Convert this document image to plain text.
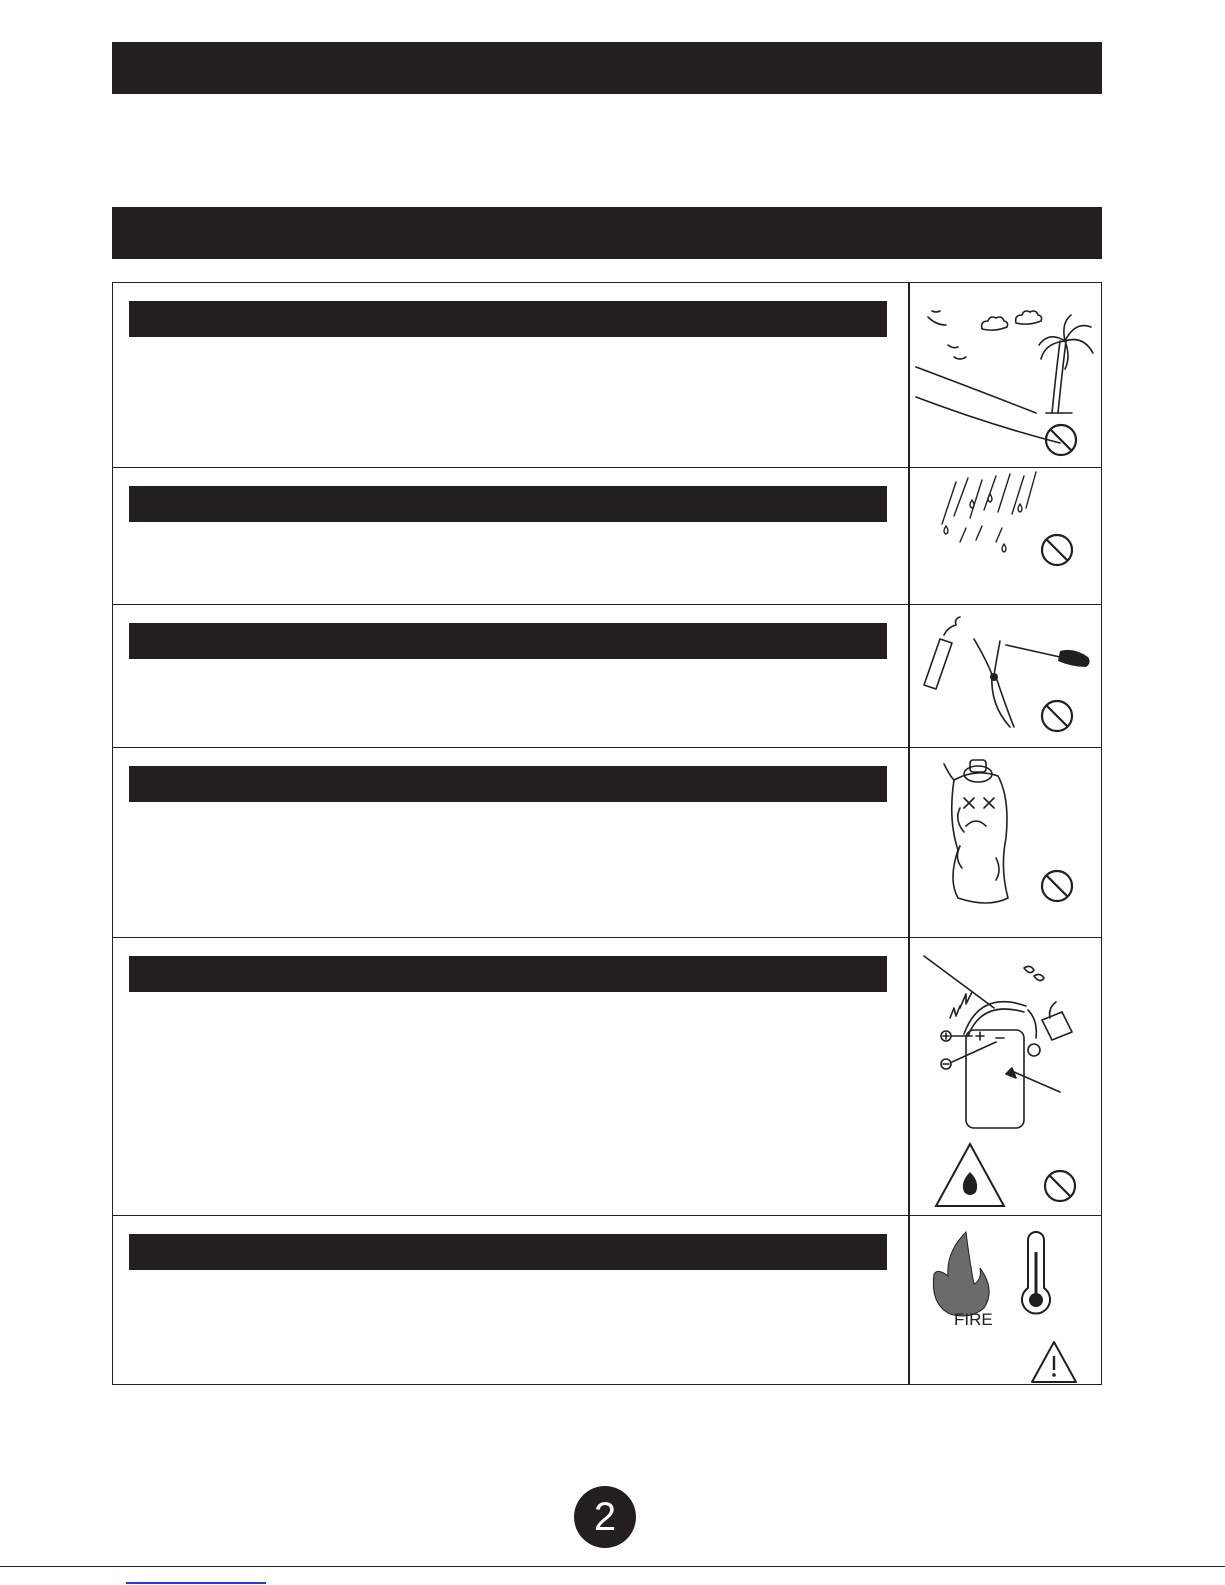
FIRE
2
